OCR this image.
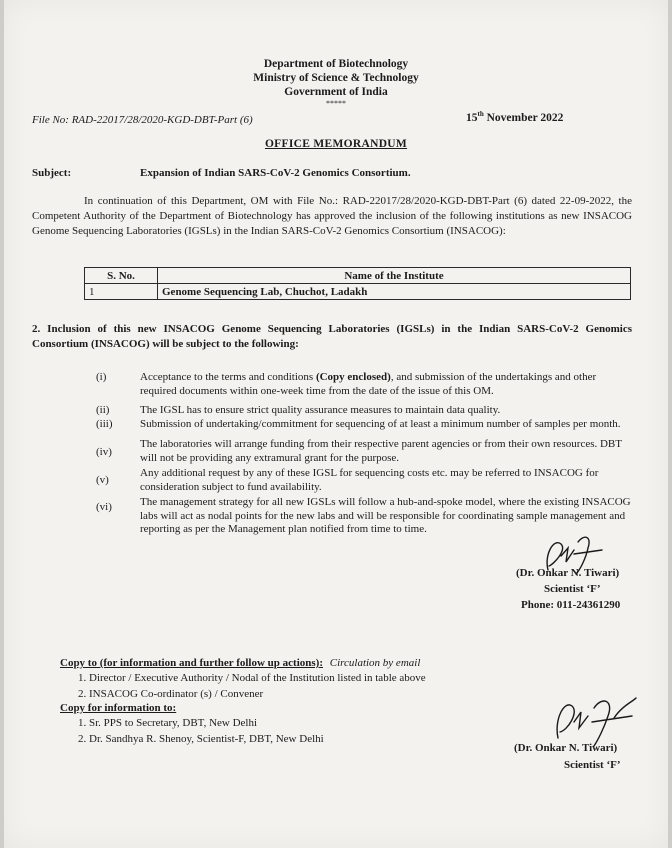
Department of Biotechnology
Ministry of Science & Technology
Government of India
*****
File No: RAD-22017/28/2020-KGD-DBT-Part (6)	15th November 2022
OFFICE MEMORANDUM
Subject:	Expansion of Indian SARS-CoV-2 Genomics Consortium.
In continuation of this Department, OM with File No.: RAD-22017/28/2020-KGD-DBT-Part (6) dated 22-09-2022, the Competent Authority of the Department of Biotechnology has approved the inclusion of the following institutions as new INSACOG Genome Sequencing Laboratories (IGSLs) in the Indian SARS-CoV-2 Genomics Consortium (INSACOG):
S. No.	Name of the Institute
1	Genome Sequencing Lab, Chuchot, Ladakh
2. Inclusion of this new INSACOG Genome Sequencing Laboratories (IGSLs) in the Indian SARS-CoV-2 Genomics Consortium (INSACOG) will be subject to the following:
(i)	Acceptance to the terms and conditions (Copy enclosed), and submission of the undertakings and other required documents within one-week time from the date of the issue of this OM.
(ii)	The IGSL has to ensure strict quality assurance measures to maintain data quality.
(iii)	Submission of undertaking/commitment for sequencing of at least a minimum number of samples per month.
(iv)
The laboratories will arrange funding from their respective parent agencies or from their own resources. DBT will not be providing any extramural grant for the purpose.
(v)
Any additional request by any of these IGSL for sequencing costs etc. may be referred to INSACOG for consideration subject to fund availability.
(vi)	The management strategy for all new IGSLs will follow a hub-and-spoke model, where the existing INSACOG labs will act as nodal points for the new labs and will be responsible for coordinating sample management and reporting as per the Management plan notified from time to time.
(Dr. Onkar N. Tiwari)
Scientist ‘F’
Phone: 011-24361290
Copy to (for information and further follow up actions): Circulation by email
1. Director / Executive Authority / Nodal of the Institution listed in table above
2. INSACOG Co-ordinator (s) / Convener
Copy for information to:
1. Sr. PPS to Secretary, DBT, New Delhi
2. Dr. Sandhya R. Shenoy, Scientist-F, DBT, New Delhi
(Dr. Onkar N. Tiwari)
Scientist ‘F’
